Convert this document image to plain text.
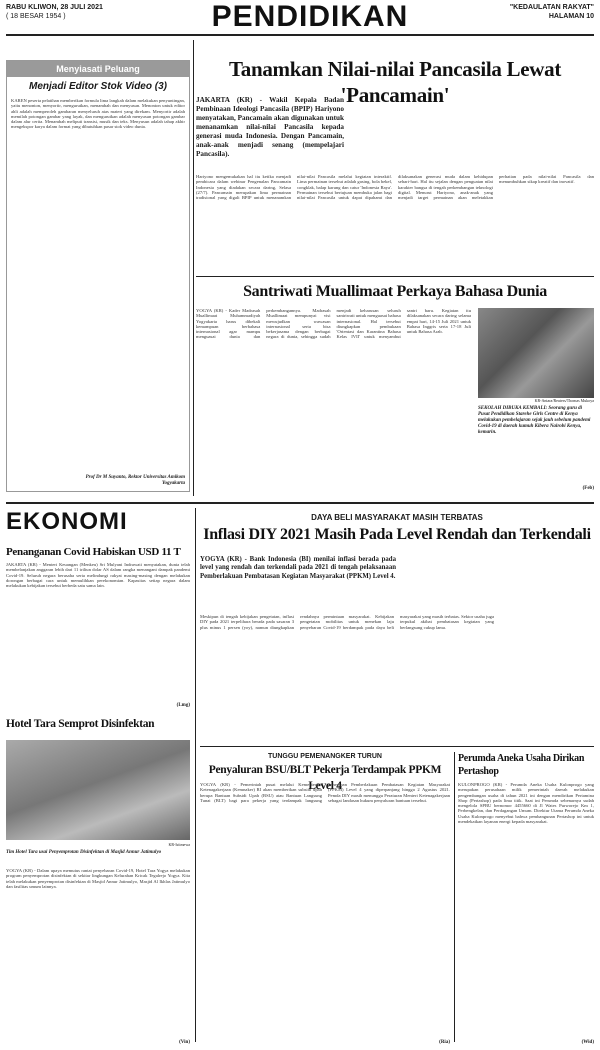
RABU KLIWON, 28 JULI 2021
( 18 BESAR 1954 )	PENDIDIKAN	"KEDAULATAN RAKYAT"
HALAMAN 10
Menyiasati Peluang
Menjadi Editor Stok Video (3)
KAREN peserta pelatihan memberikan formula lima langkah dalam melakukan penyuntingan, yaitu menonton, menyortir, mengurutkan, menambah dan menyusun. Menonton untuk editor ahli adalah memperoleh gambaran menyeluruh atas materi yang direkam. Menyortir adalah memilah potongan gambar yang layak, dan mengurutkan adalah menyusun potongan gambar dalam alur cerita. Menambah meliputi transisi, musik dan teks. Menyusun adalah tahap akhir mengekspor karya dalam format yang dibutuhkan pasar stok video dunia.
Prof Dr M Suyanto, Rektor Universitas Amikom Yogyakarta
Tanamkan Nilai-nilai Pancasila Lewat 'Pancamain'
JAKARTA (KR) - Wakil Kepala Badan Pembinaan Ideologi Pancasila (BPIP) Hariyono menyatakan, Pancamain akan digunakan untuk menanamkan nilai-nilai Pancasila kepada generasi muda Indonesia. Dengan Pancamain, anak-anak menjadi senang (mempelajari Pancasila).
Hariyono mengemukakan hal itu ketika menjadi pembicara dalam webinar Pengenalan Pancamain Indonesia yang diadakan secara daring, Selasa (27/7). Pancamain merupakan lima permainan tradisional yang digali BPIP untuk menanamkan nilai-nilai Pancasila melalui kegiatan interaktif. Lima permainan tersebut adalah gasing, bola bekel, congklak, balap karung dan catur 'Indonesia Raya'. Permainan tersebut bertujuan membuka jalan bagi nilai-nilai Pancasila untuk dapat dipahami dan dilaksanakan generasi muda dalam kehidupan sehari-hari. Hal itu sejalan dengan penguatan nilai karakter bangsa di tengah perkembangan teknologi digital. Menurut Hariyono, anak-anak yang menjadi target permainan akan meletakkan perhatian pada nilai-nilai Pancasila dan menumbuhkan sikap kreatif dan inovatif.
Santriwati Muallimaat Perkaya Bahasa Dunia
YOGYA (KR) - Kader Madrasah Muallimaat Muhammadiyah Yogyakarta harus dibekali kemampuan berbahasa internasional agar mampu menguasai dunia dan perkembangannya. Madrasah Muallimaat mempunyai visi mewujudkan wawasan internasional serta bisa bekerjasama dengan berbagai negara di dunia, sehingga sudah menjadi keharusan seluruh santriwati untuk menguasai bahasa internasional. Hal tersebut diungkapkan pembukaan 'Orientasi dan Karantina Bahasa Kelas IVII' untuk menyambut santri baru. Kegiatan itu dilaksanakan secara daring selama empat hari, 14-15 Juli 2021 untuk Bahasa Inggris serta 17-18 Juli untuk Bahasa Arab.
KR-Antara/Reuters/Thomas Mukoya
SEKOLAH DIBUKA KEMBALI: Seorang guru di Pusat Pendidikan Starehe Girls Centre di Kenya melakukan pembelajaran sejak jauh sebelum pandemi Covid-19 di daerah kumuh Kibera Nairobi Kenya, kemarin.
(Feb)
EKONOMI
Penanganan Covid Habiskan USD 11 T
JAKARTA (KR) - Menteri Keuangan (Menkeu) Sri Mulyani Indrawati menyatakan, dunia telah membelanjakan anggaran lebih dari 11 triliun dolar AS dalam rangka menangani dampak pandemi Covid-19. Seluruh negara berusaha serta melindungi rakyat masing-masing dengan melakukan dorongan berbagai cara untuk memulihkan perekonomian. Kapasitas setiap negara dalam melakukan kebijakan tersebut berbeda satu sama lain.
(Lmg)
DAYA BELI MASYARAKAT MASIH TERBATAS
Inflasi DIY 2021 Masih Pada Level Rendah dan Terkendali
YOGYA (KR) - Bank Indonesia (BI) menilai inflasi berada pada level yang rendah dan terkendali pada 2021 di tengah pelaksanaan Pemberlakuan Pembatasan Kegiatan Masyarakat (PPKM) Level 4.
Meskipun di tengah kebijakan pengetatan, inflasi DIY pada 2021 terpelihara berada pada sasaran 3 plus minus 1 persen (yoy), namun diungkapkan rendahnya permintaan masyarakat. Kebijakan pengetatan mobilitas untuk menekan laju penyebaran Covid-19 berdampak pada daya beli masyarakat yang masih terbatas. Sektor usaha juga terpukul akibat pembatasan kegiatan yang berlangsung cukup lama.
Hotel Tara Semprot Disinfektan
KR-Istimewa
Tim Hotel Tara usai Penyemprotan Disinfektan di Masjid Annur Jatimulyo
YOGYA (KR) - Dalam upaya memutus rantai penyebaran Covid-19, Hotel Tara Yogya melakukan program penyemprotan disinfektan di sekitar lingkungan Kelurahan Kricak Tegalrejo Yogya. Kita telah melakukan penyemprotan disinfektan di Masjid Annur Jatimulyo, Masjid Al Ikhlas Jatimulyo dan fasilitas umum lainnya.
(Vin)
TUNGGU PEMENANGKER TURUN
Penyaluran BSU/BLT Pekerja Terdampak PPKM Level 4
YOGYA (KR) - Pemerintah pusat melalui Kementerian Ketenagakerjaan (Kemnaker) RI akan memberikan subsidi upah berupa Bantuan Subsidi Upah (BSU) atau Bantuan Langsung Tunai (BLT) bagi para pekerja yang terdampak langsung penerapan Pemberlakuan Pembatasan Kegiatan Masyarakat (PPKM) Level 4 yang diperpanjang hingga 2 Agustus 2021. Pemda DIY masih menunggu Peraturan Menteri Ketenagakerjaan sebagai landasan hukum penyaluran bantuan tersebut.
(Ria)
Perumda Aneka Usaha Dirikan Pertashop
KULONPROGO (KR) - Perumda Aneka Usaha Kulonprogo yang merupakan perusahaan milik pemerintah daerah melakukan pengembangan usaha di tahun 2021 ini dengan mendirikan Pertamina Shop (Pertashop) pada lima titik. Saat ini Perumda sebenarnya sudah mengelola SPBU bernomor 4455660 di Jl Wates Purworejo Km 1, Perbengkelan, dan Perdagangan Umum. Direktur Utama Perumda Aneka Usaha Kulonprogo menyebut bahwa pembangunan Pertashop ini untuk mendekatkan layanan energi kepada masyarakat.
(Wid)
